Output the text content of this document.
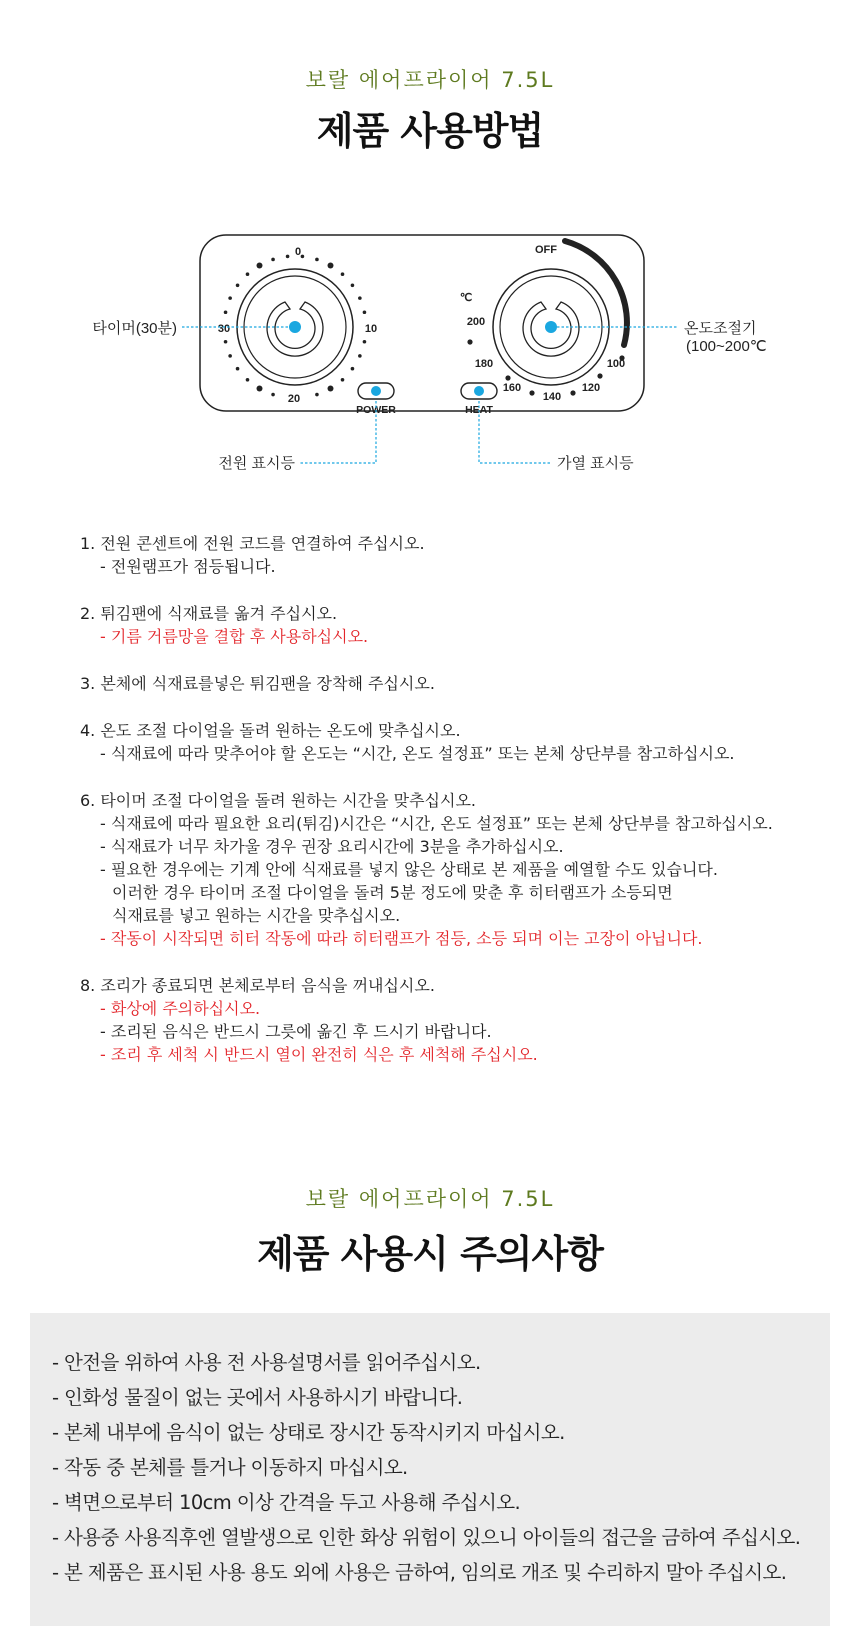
보랄 에어프라이어 7.5L
제품 사용방법
0
10
20
30
OFF
℃
200
180
160
140
120
100
POWER	HEAT
타이머(30분)	온도조절기
(100~200℃
전원 표시등	가열 표시등
1. 전원 콘센트에 전원 코드를 연결하여 주십시오.
- 전원램프가 점등됩니다.
2. 튀김팬에 식재료를 옮겨 주십시오.
- 기름 거름망을 결합 후 사용하십시오.
3. 본체에 식재료를넣은 튀김팬을 장착해 주십시오.
4. 온도 조절 다이얼을 돌려 원하는 온도에 맞추십시오.
- 식재료에 따라 맞추어야 할 온도는 “시간, 온도 설정표” 또는 본체 상단부를 참고하십시오.
6. 타이머 조절 다이얼을 돌려 원하는 시간을 맞추십시오.
- 식재료에 따라 필요한 요리(튀김)시간은 “시간, 온도 설정표” 또는 본체 상단부를 참고하십시오.
- 식재료가 너무 차가울 경우 권장 요리시간에 3분을 추가하십시오.
- 필요한 경우에는 기계 안에 식재료를 넣지 않은 상태로 본 제품을 예열할 수도 있습니다.
이러한 경우 타이머 조절 다이얼을 돌려 5분 정도에 맞춘 후 히터램프가 소등되면
식재료를 넣고 원하는 시간을 맞추십시오.
- 작동이 시작되면 히터 작동에 따라 히터램프가 점등, 소등 되며 이는 고장이 아닙니다.
8. 조리가 종료되면 본체로부터 음식을 꺼내십시오.
- 화상에 주의하십시오.
- 조리된 음식은 반드시 그릇에 옮긴 후 드시기 바랍니다.
- 조리 후 세척 시 반드시 열이 완전히 식은 후 세척해 주십시오.
보랄 에어프라이어 7.5L
제품 사용시 주의사항
- 안전을 위하여 사용 전 사용설명서를 읽어주십시오.
- 인화성 물질이 없는 곳에서 사용하시기 바랍니다.
- 본체 내부에 음식이 없는 상태로 장시간 동작시키지 마십시오.
- 작동 중 본체를 틀거나 이동하지 마십시오.
- 벽면으로부터 10cm 이상 간격을 두고 사용해 주십시오.
- 사용중 사용직후엔 열발생으로 인한 화상 위험이 있으니 아이들의 접근을 금하여 주십시오.
- 본 제품은 표시된 사용 용도 외에 사용은 금하여, 임의로 개조 및 수리하지 말아 주십시오.
